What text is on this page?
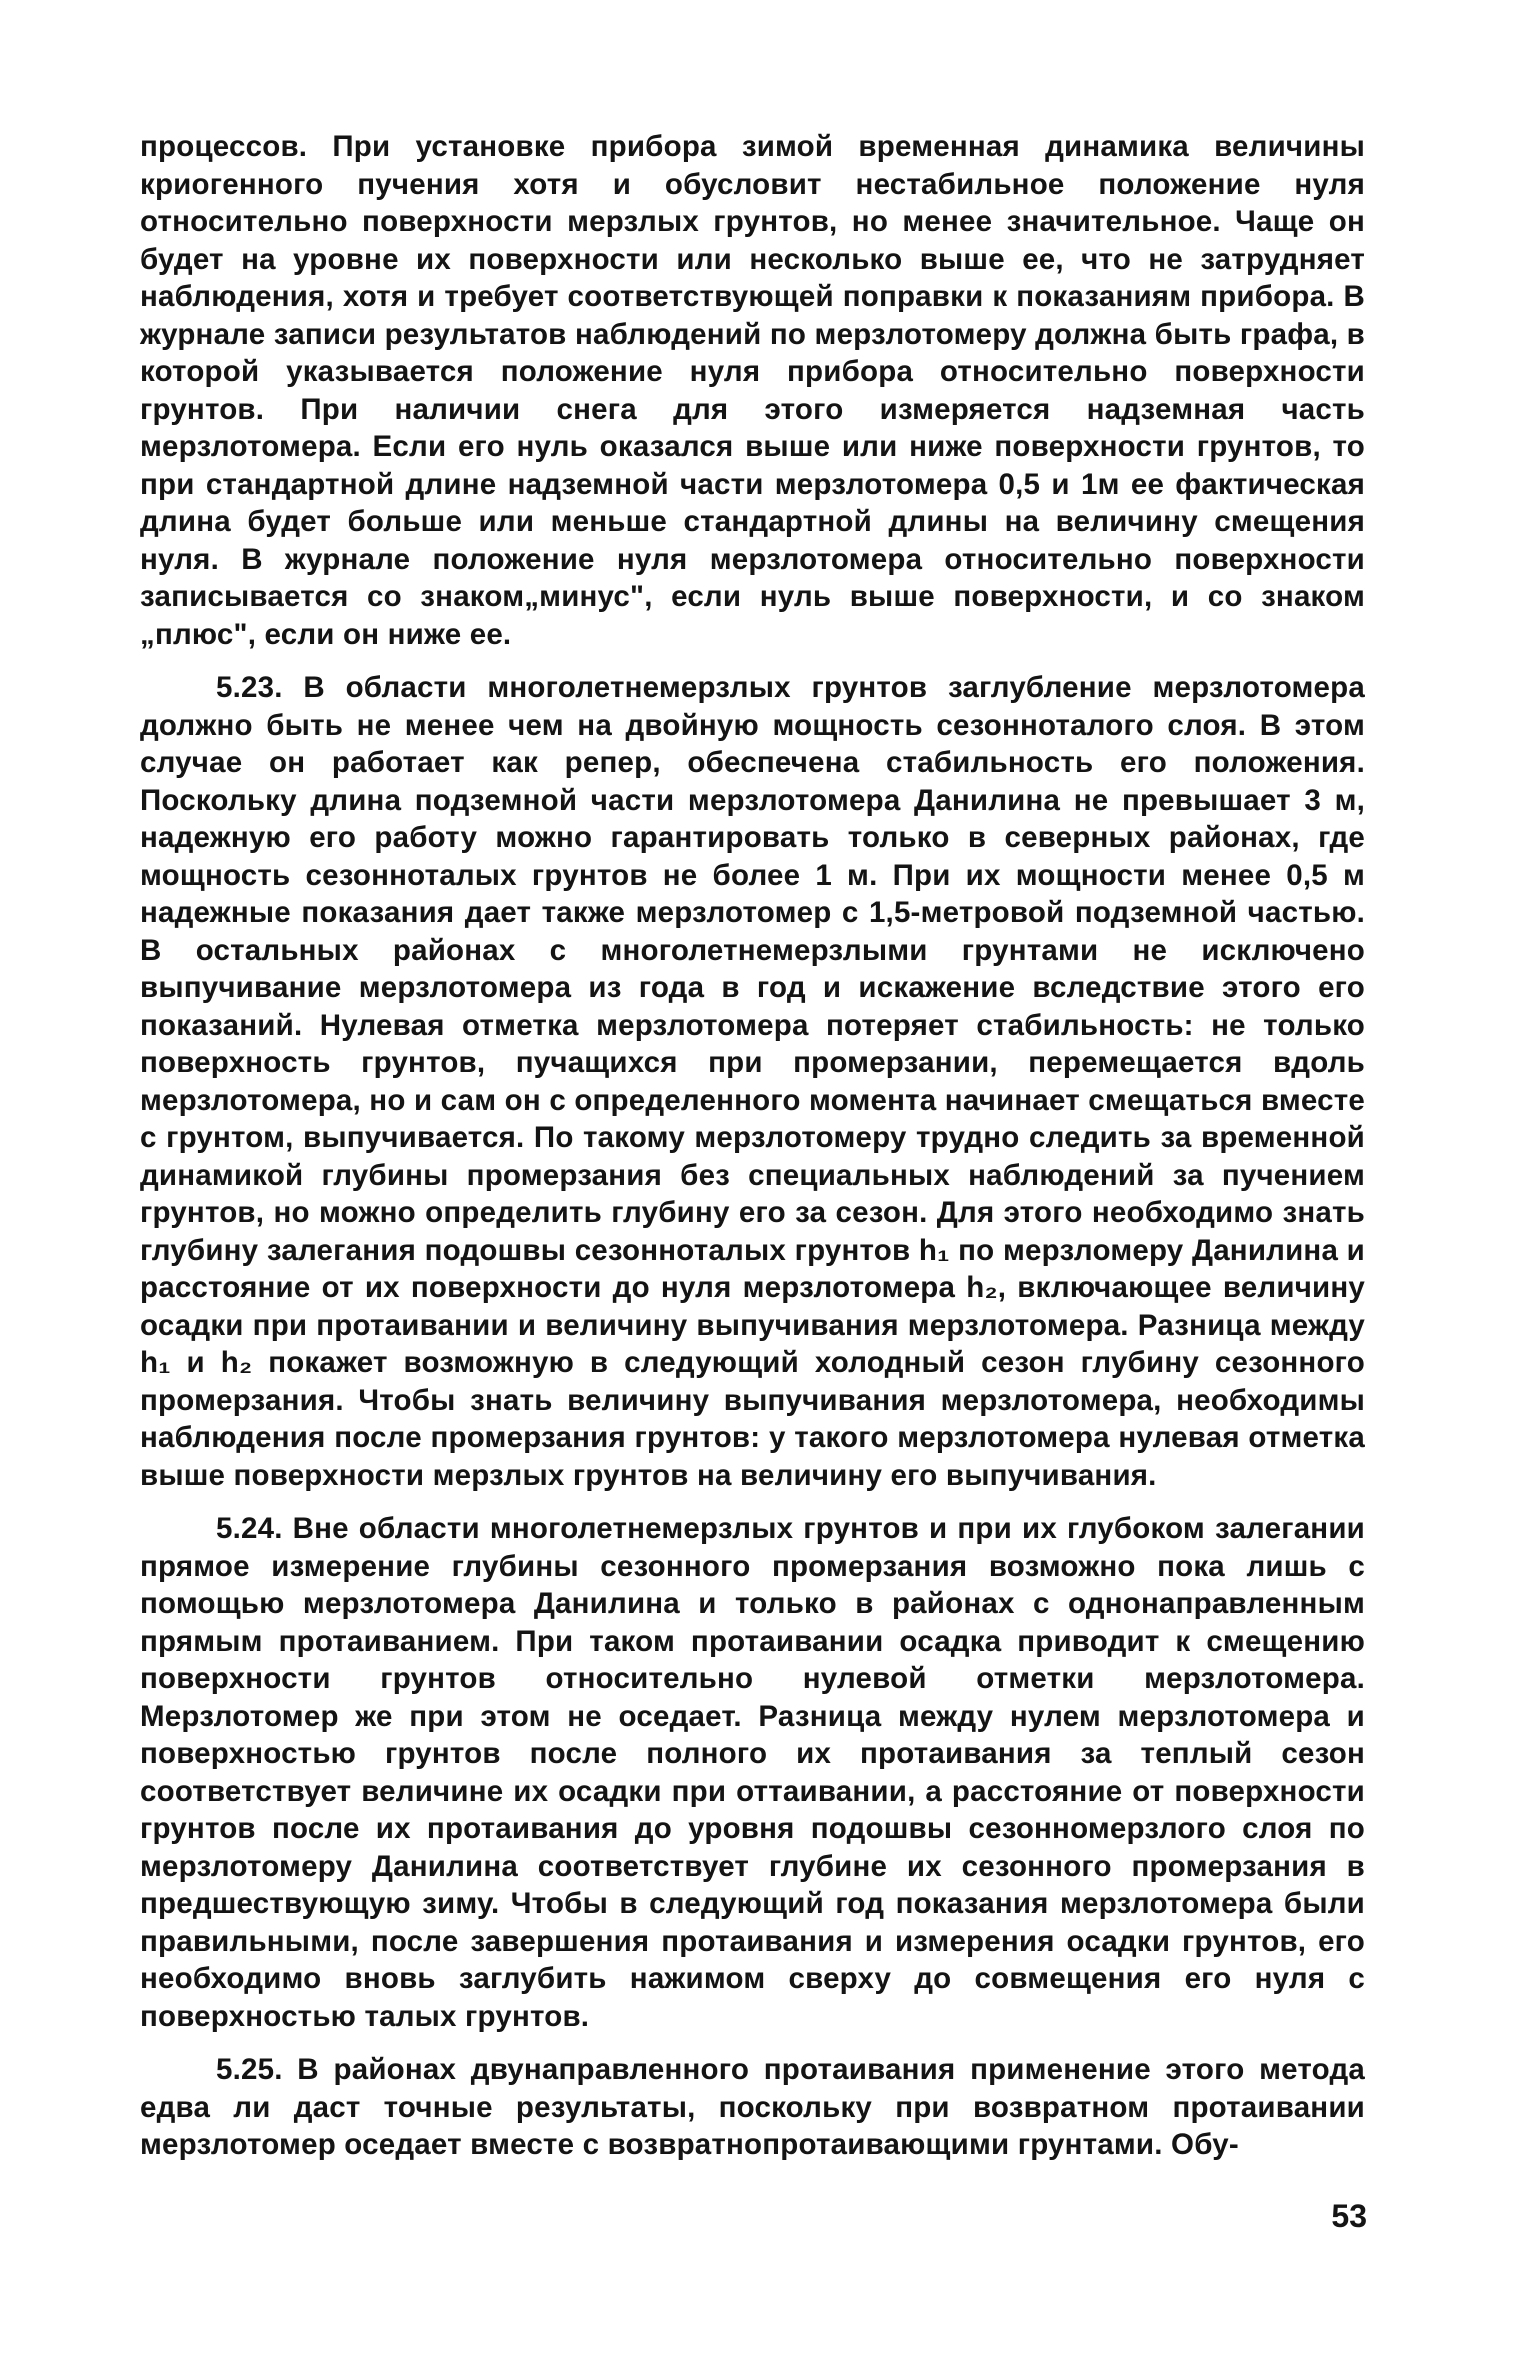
процессов. При установке прибора зимой временная динамика величины криогенного пучения хотя и обусловит нестабильное положение нуля относительно поверхности мерзлых грунтов, но менее значительное. Чаще он будет на уровне их поверхности или несколько выше ее, что не затрудняет наблюдения, хотя и требует соответствующей поправки к показаниям прибора. В журнале записи результатов наблюдений по мерзлотомеру должна быть графа, в которой указывается положение нуля прибора относительно поверхности грунтов. При наличии снега для этого измеряется надземная часть мерзлотомера. Если его нуль оказался выше или ниже поверхности грунтов, то при стандартной длине надземной части мерзлотомера 0,5 и 1м ее фактическая длина будет больше или меньше стандартной длины на величину смещения нуля. В журнале положение нуля мерзлотомера относительно поверхности записывается со знаком„минус", если нуль выше поверхности, и со знаком „плюс", если он ниже ее.

5.23. В области многолетнемерзлых грунтов заглубление мерзлотомера должно быть не менее чем на двойную мощность сезонноталого слоя. В этом случае он работает как репер, обеспечена стабильность его положения. Поскольку длина подземной части мерзлотомера Данилина не превышает 3 м, надежную его работу можно гарантировать только в северных районах, где мощность сезонноталых грунтов не более 1 м. При их мощности менее 0,5 м надежные показания дает также мерзлотомер с 1,5-метровой подземной частью. В остальных районах с многолетнемерзлыми грунтами не исключено выпучивание мерзлотомера из года в год и искажение вследствие этого его показаний. Нулевая отметка мерзлотомера потеряет стабильность: не только поверхность грунтов, пучащихся при промерзании, перемещается вдоль мерзлотомера, но и сам он с определенного момента начинает смещаться вместе с грунтом, выпучивается. По такому мерзлотомеру трудно следить за временной динамикой глубины промерзания без специальных наблюдений за пучением грунтов, но можно определить глубину его за сезон. Для этого необходимо знать глубину залегания подошвы сезонноталых грунтов h₁ по мерзломеру Данилина и расстояние от их поверхности до нуля мерзлотомера h₂, включающее величину осадки при протаивании и величину выпучивания мерзлотомера. Разница между h₁ и h₂ покажет возможную в следующий холодный сезон глубину сезонного промерзания. Чтобы знать величину выпучивания мерзлотомера, необходимы наблюдения после промерзания грунтов: у такого мерзлотомера нулевая отметка выше поверхности мерзлых грунтов на величину его выпучивания.

5.24. Вне области многолетнемерзлых грунтов и при их глубоком залегании прямое измерение глубины сезонного промерзания возможно пока лишь с помощью мерзлотомера Данилина и только в районах с однонаправленным прямым протаиванием. При таком протаивании осадка приводит к смещению поверхности грунтов относительно нулевой отметки мерзлотомера. Мерзлотомер же при этом не оседает. Разница между нулем мерзлотомера и поверхностью грунтов после полного их протаивания за теплый сезон соответствует величине их осадки при оттаивании, а расстояние от поверхности грунтов после их протаивания до уровня подошвы сезонномерзлого слоя по мерзлотомеру Данилина соответствует глубине их сезонного промерзания в предшествующую зиму. Чтобы в следующий год показания мерзлотомера были правильными, после завершения протаивания и измерения осадки грунтов, его необходимо вновь заглубить нажимом сверху до совмещения его нуля с поверхностью талых грунтов.

5.25. В районах двунаправленного протаивания применение этого метода едва ли даст точные результаты, поскольку при возвратном протаивании мерзлотомер оседает вместе с возвратнопротаивающими грунтами. Обу-

53
